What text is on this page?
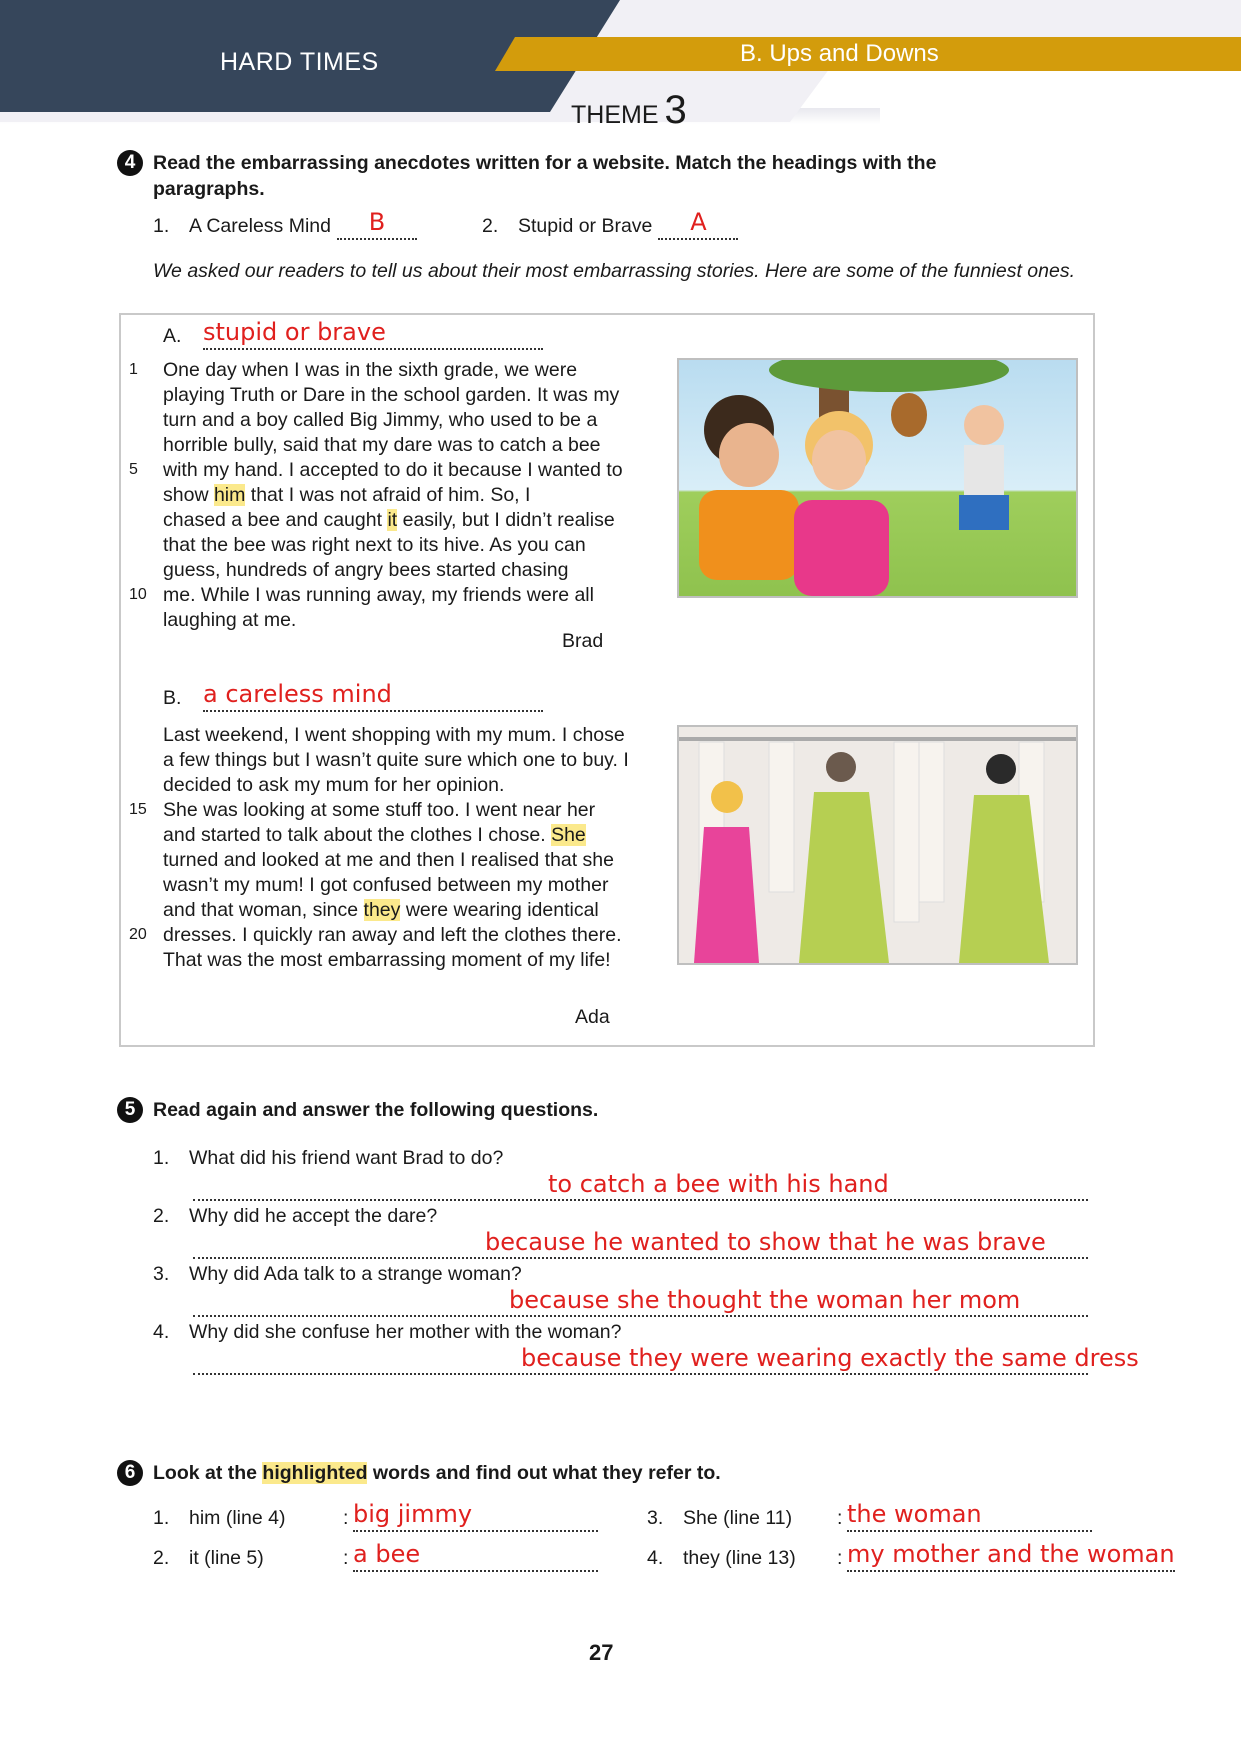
HARD TIMES	B. Ups and Downs
THEME 3
4 Read the embarrassing anecdotes written for a website. Match the headings with the paragraphs.
1.	A Careless Mind	B	2.	Stupid or Brave	A
We asked our readers to tell us about their most embarrassing stories. Here are some of the funniest ones.
A. stupid or brave
1	One day when I was in the sixth grade, we were
playing Truth or Dare in the school garden. It was my
turn and a boy called Big Jimmy, who used to be a
horrible bully, said that my dare was to catch a bee
5	with my hand. I accepted to do it because I wanted to
show him that I was not afraid of him. So, I
chased a bee and caught it easily, but I didn’t realise
that the bee was right next to its hive. As you can
guess, hundreds of angry bees started chasing
10 me. While I was running away, my friends were all
laughing at me.
Brad
B. a careless mind
Last weekend, I went shopping with my mum. I chose
a few things but I wasn’t quite sure which one to buy. I
decided to ask my mum for her opinion.
15 She was looking at some stuff too. I went near her
and started to talk about the clothes I chose. She
turned and looked at me and then I realised that she
wasn’t my mum! I got confused between my mother
and that woman, since they were wearing identical
20 dresses. I quickly ran away and left the clothes there.
That was the most embarrassing moment of my life!
Ada
5 Read again and answer the following questions.
1. What did his friend want Brad to do?
to catch a bee with his hand
2. Why did he accept the dare?
because he wanted to show that he was brave
3. Why did Ada talk to a strange woman?
because she thought the woman her mom
4. Why did she confuse her mother with the woman?
because they were wearing exactly the same dress
6 Look at the highlighted words and find out what they refer to.
1.	him (line 4)	: big jimmy
2.	it (line 5)	: a bee
3.	She (line 11)	: the woman
4.	they (line 13)	: my mother and the woman
27
